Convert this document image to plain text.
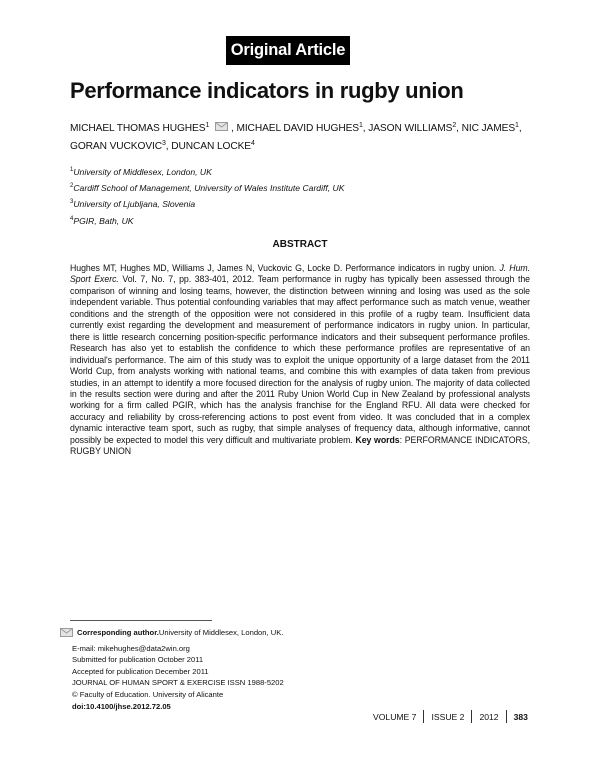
Original Article
Performance indicators in rugby union
MICHAEL THOMAS HUGHES$^1$ , MICHAEL DAVID HUGHES$^1$, JASON WILLIAMS$^2$, NIC JAMES$^1$,
GORAN VUCKOVIC$^3$, DUNCAN LOCKE$^4$
$^1$University of Middlesex, London, UK
$^2$Cardiff School of Management, University of Wales Institute Cardiff, UK
$^3$University of Ljubljana, Slovenia
$^4$PGIR, Bath, UK
ABSTRACT

Hughes MT, Hughes MD, Williams J, James N, Vuckovic G, Locke D. Performance indicators in rugby union. J. Hum. Sport Exerc. Vol. 7, No. 7, pp. 383-401, 2012. Team performance in rugby has typically been assessed through the comparison of winning and losing teams, however, the distinction between winning and losing was used as the sole independent variable. Thus potential confounding variables that may affect performance such as match venue, weather conditions and the strength of the opposition were not considered in this profile of a rugby team. Insufficient data currently exist regarding the development and measurement of performance indicators in rugby union. In particular, there is little research concerning position-specific performance indicators and their subsequent performance profiles. Research has also yet to establish the confidence to which these performance profiles are representative of an individual's performance. The aim of this study was to exploit the unique opportunity of a large dataset from the 2011 World Cup, from analysts working with national teams, and combine this with examples of data taken from previous studies, in an attempt to identify a more focused direction for the analysis of rugby union. The majority of data collected in the results section were during and after the 2011 Ruby Union World Cup in New Zealand by professional analysts working for a firm called PGIR, which has the analysis franchise for the England RFU. All data were checked for accuracy and reliability by cross-referencing actions to post event from video. It was concluded that in a complex dynamic interactive team sport, such as rugby, that simple analyses of frequency data, although informative, cannot possibly be expected to model this very difficult and multivariate problem. Key words: PERFORMANCE INDICATORS, RUGBY UNION

Corresponding author. University of Middlesex, London, UK.
E-mail: mikehughes@data2win.org
Submitted for publication October 2011
Accepted for publication December 2011
JOURNAL OF HUMAN SPORT & EXERCISE ISSN 1988-5202
© Faculty of Education. University of Alicante
doi:10.4100/jhse.2012.72.05
VOLUME 7 ISSUE 2 2012 383
